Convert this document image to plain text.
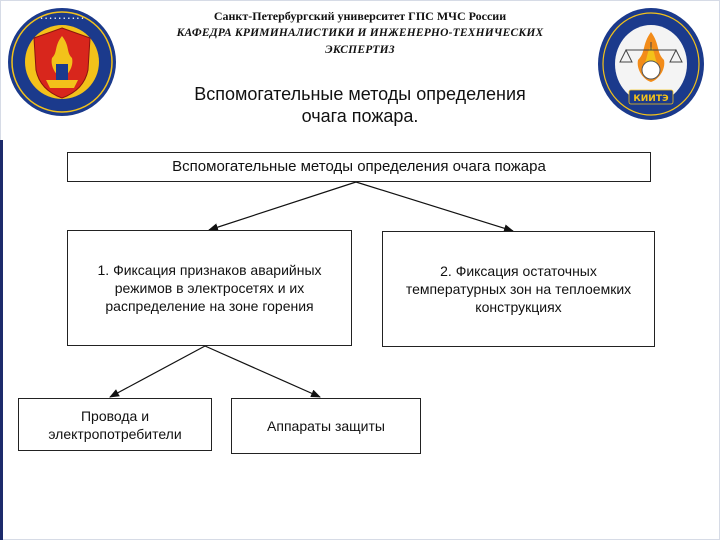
• • • • • • • • • •
КИИТЭ
Санкт-Петербургский университет ГПС МЧС России
КАФЕДРА КРИМИНАЛИСТИКИ И ИНЖЕНЕРНО-ТЕХНИЧЕСКИХ
ЭКСПЕРТИЗ
Вспомогательные методы определения
очага пожара.
Вспомогательные методы определения очага пожара
1. Фиксация признаков аварийных режимов в электросетях и их распределение на зоне горения
2. Фиксация остаточных температурных зон на теплоемких конструкциях
Провода и электропотребители	Аппараты защиты
